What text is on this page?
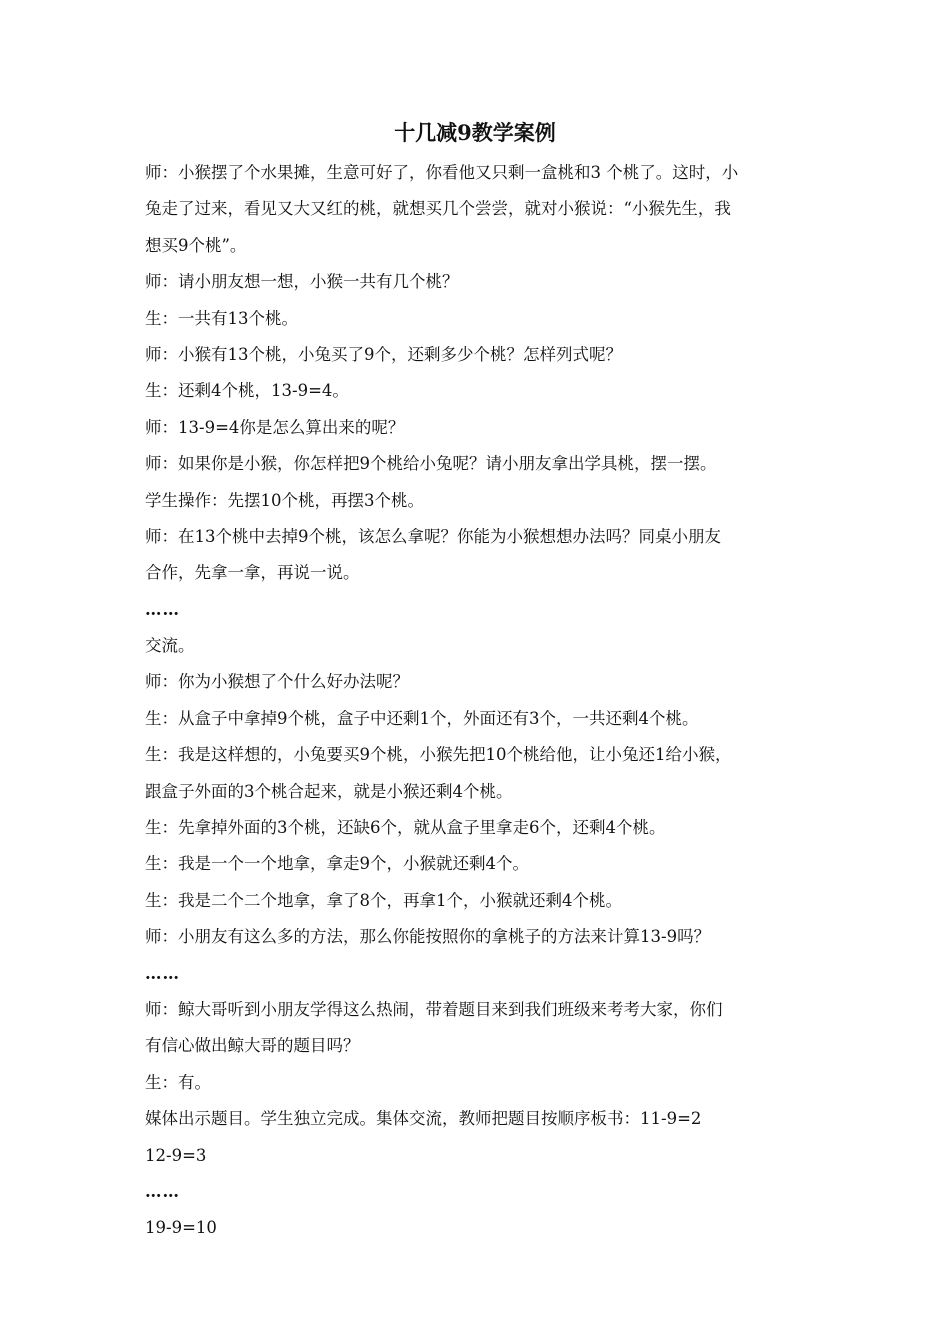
十几减9教学案例
师：小猴摆了个水果摊，生意可好了，你看他又只剩一盒桃和3 个桃了。这时，小
兔走了过来，看见又大又红的桃，就想买几个尝尝，就对小猴说：“小猴先生，我
想买9个桃”。
师：请小朋友想一想，小猴一共有几个桃？
生：一共有13个桃。
师：小猴有13个桃，小兔买了9个，还剩多少个桃？怎样列式呢？
生：还剩4个桃，13-9=4。
师：13-9=4你是怎么算出来的呢？
师：如果你是小猴，你怎样把9个桃给小兔呢？请小朋友拿出学具桃，摆一摆。
学生操作：先摆10个桃，再摆3个桃。
师：在13个桃中去掉9个桃，该怎么拿呢？你能为小猴想想办法吗？同桌小朋友
合作，先拿一拿，再说一说。
……
交流。
师：你为小猴想了个什么好办法呢？
生：从盒子中拿掉9个桃，盒子中还剩1个，外面还有3个，一共还剩4个桃。
生：我是这样想的，小兔要买9个桃，小猴先把10个桃给他，让小兔还1给小猴，
跟盒子外面的3个桃合起来，就是小猴还剩4个桃。
生：先拿掉外面的3个桃，还缺6个，就从盒子里拿走6个，还剩4个桃。
生：我是一个一个地拿，拿走9个，小猴就还剩4个。
生：我是二个二个地拿，拿了8个，再拿1个，小猴就还剩4个桃。
师：小朋友有这么多的方法，那么你能按照你的拿桃子的方法来计算13-9吗？
……
师：鲸大哥听到小朋友学得这么热闹，带着题目来到我们班级来考考大家，你们
有信心做出鲸大哥的题目吗？
生：有。
媒体出示题目。学生独立完成。集体交流，教师把题目按顺序板书：11-9=2
12-9=3
……
19-9=10
